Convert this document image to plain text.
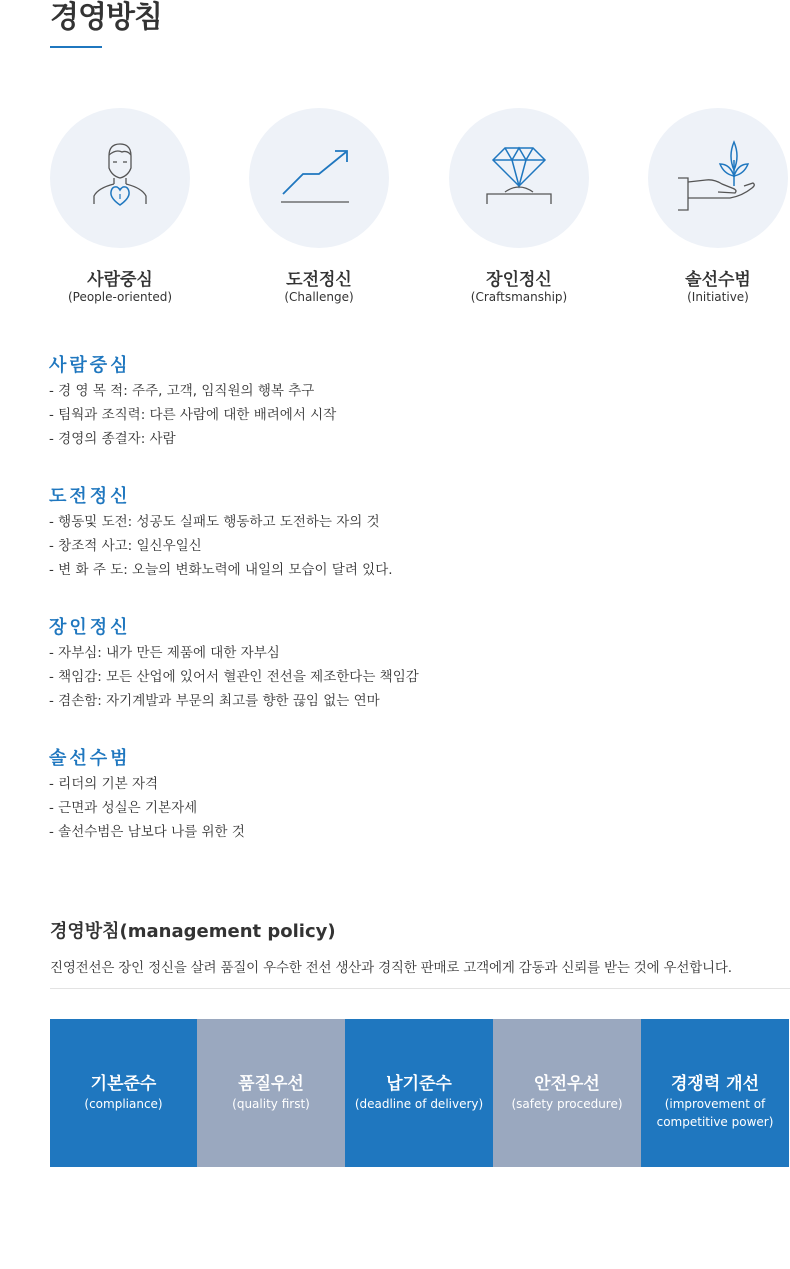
경영방침
사람중심
(People-oriented)
도전정신
(Challenge)
장인정신
(Craftsmanship)
솔선수범
(Initiative)
사람중심
- 경 영 목 적: 주주, 고객, 임직원의 행복 추구
- 팀웍과 조직력: 다른 사람에 대한 배려에서 시작
- 경영의 종결자: 사람
도전정신
- 행동및 도전: 성공도 실패도 행동하고 도전하는 자의 것
- 창조적 사고: 일신우일신
- 변 화 주 도: 오늘의 변화노력에 내일의 모습이 달려 있다.
장인정신
- 자부심: 내가 만든 제품에 대한 자부심
- 책임감: 모든 산업에 있어서 혈관인 전선을 제조한다는 책임감
- 겸손함: 자기계발과 부문의 최고를 향한 끊임 없는 연마
솔선수범
- 리더의 기본 자격
- 근면과 성실은 기본자세
- 솔선수범은 남보다 나를 위한 것
경영방침(management policy)
진영전선은 장인 정신을 살려 품질이 우수한 전선 생산과 경직한 판매로 고객에게 감동과 신뢰를 받는 것에 우선합니다.
기본준수
(compliance)
품질우선
(quality first)
납기준수
(deadline of delivery)
안전우선
(safety procedure)
경쟁력 개선
(improvement of competitive power)
